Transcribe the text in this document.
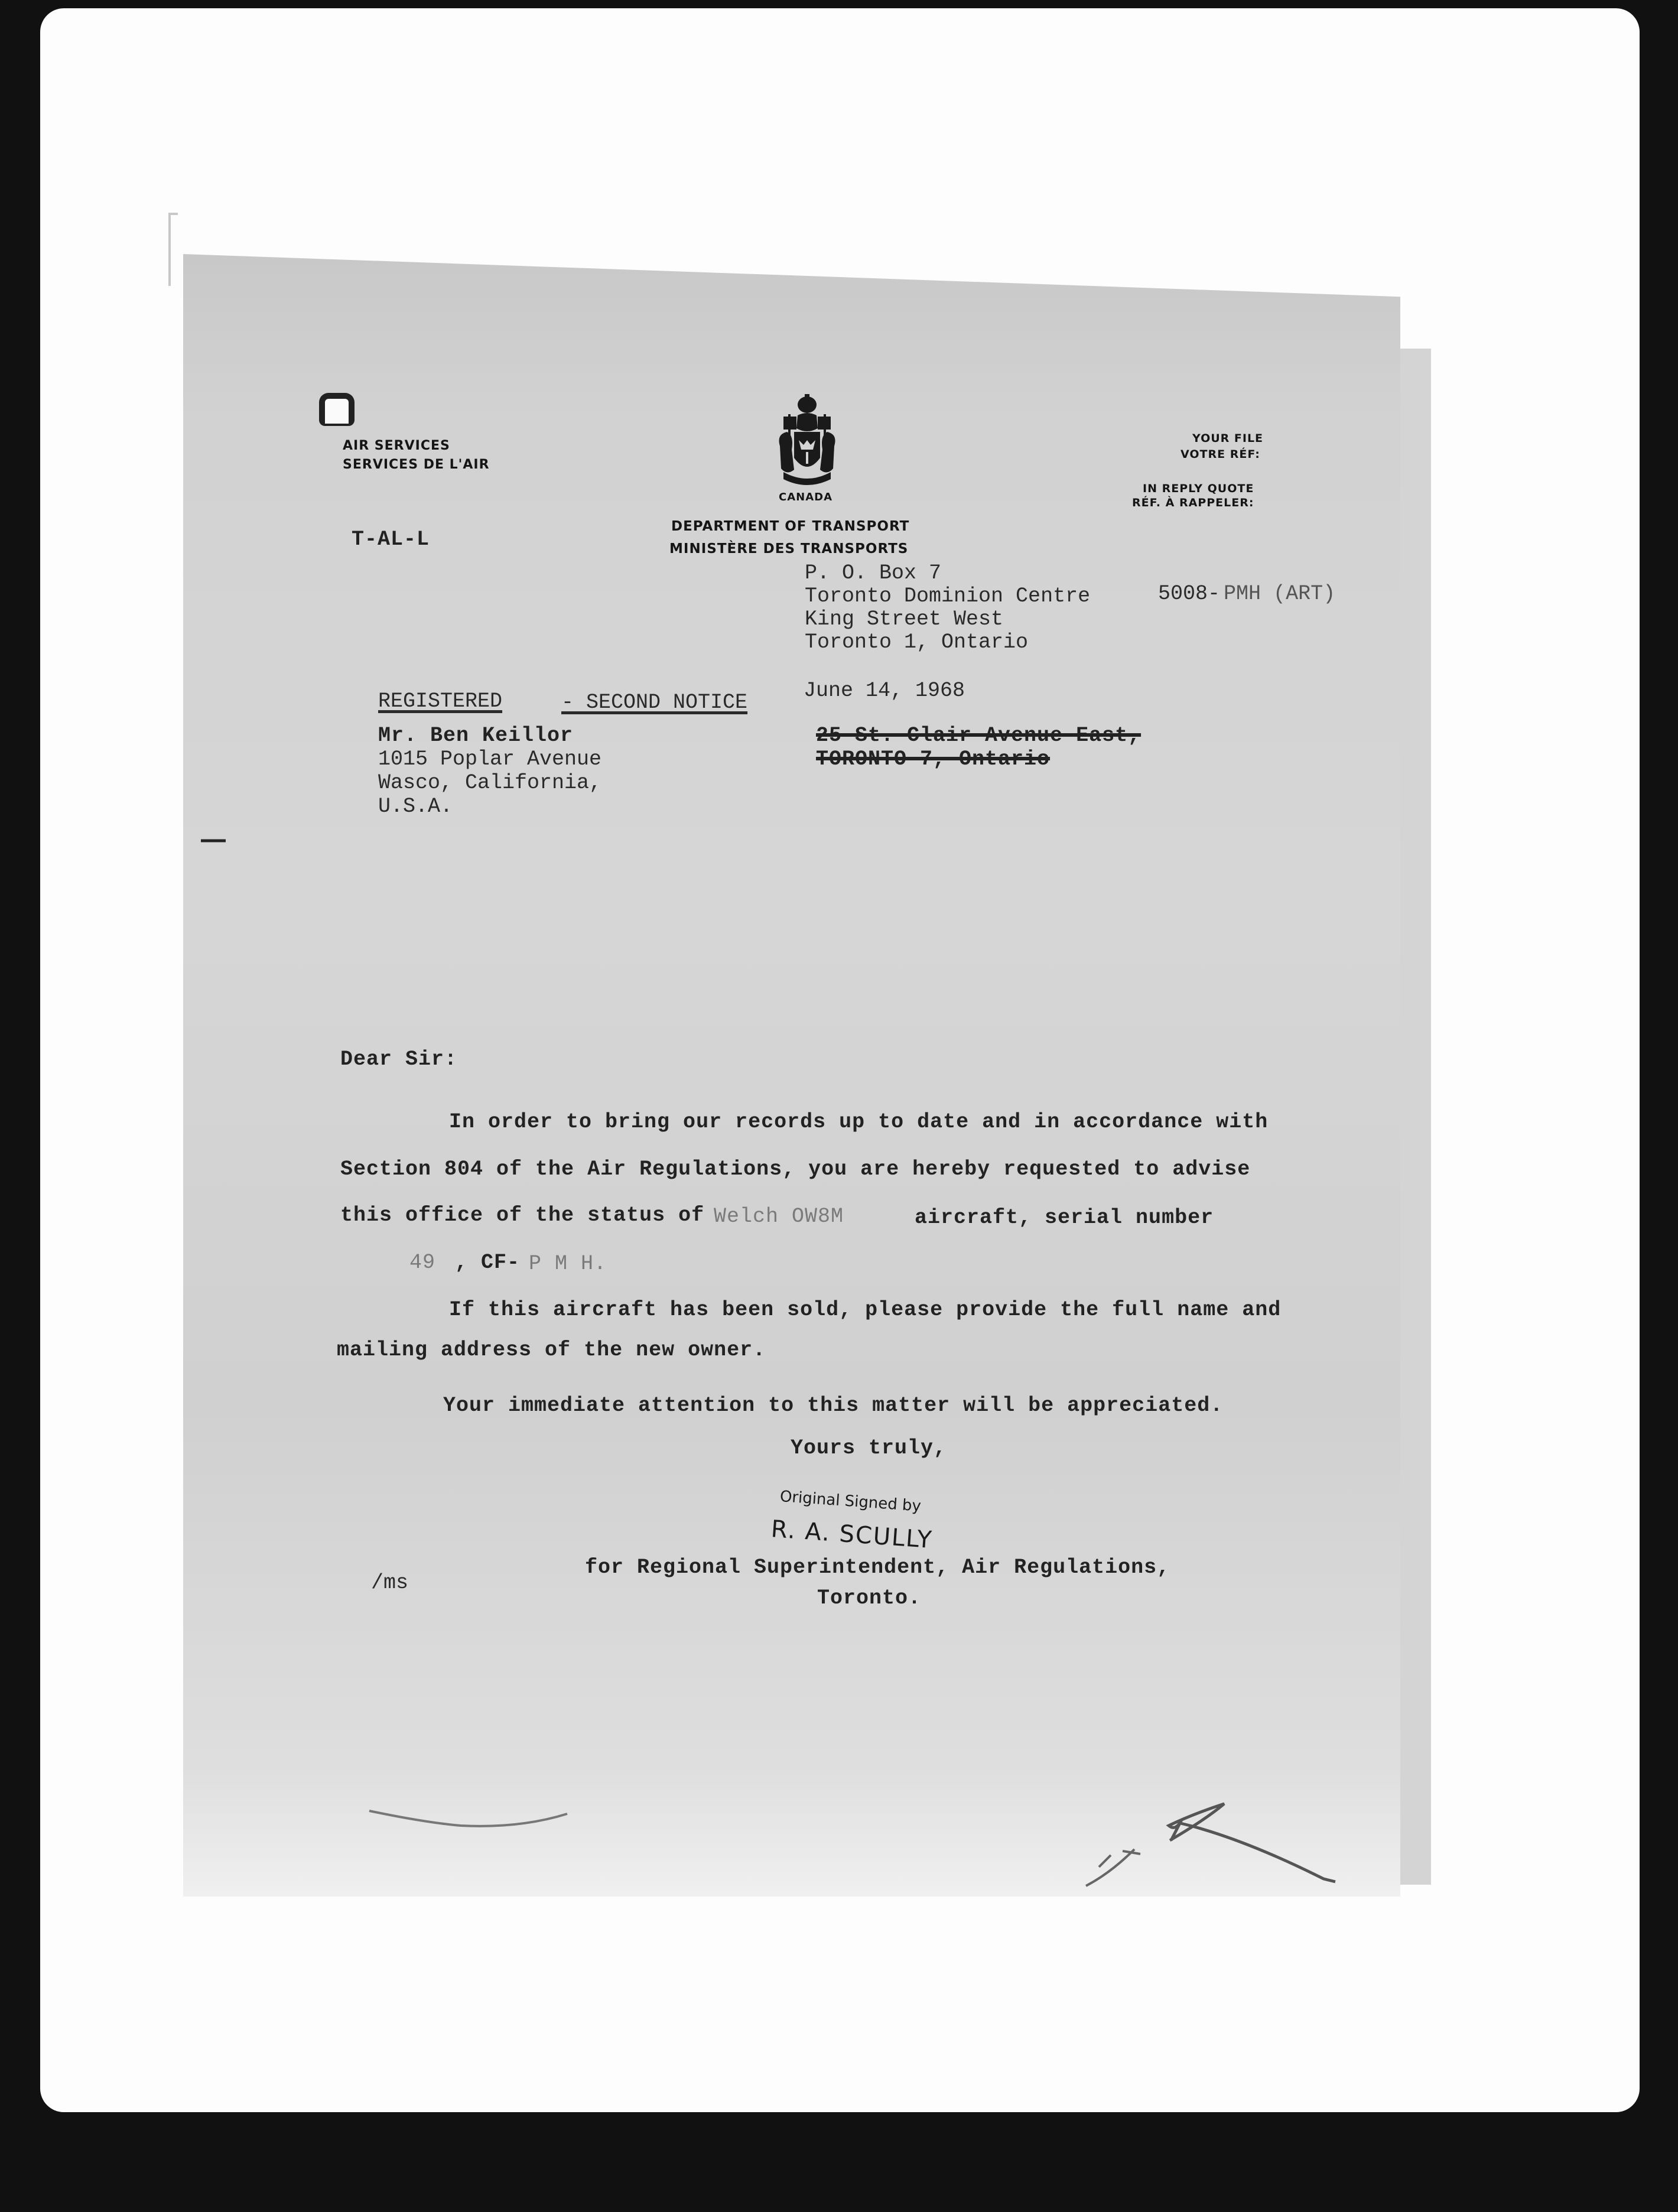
AIR SERVICES
SERVICES DE L'AIR
CANADA
DEPARTMENT OF TRANSPORT
MINISTÈRE DES TRANSPORTS
YOUR FILE
VOTRE RÉF:
IN REPLY QUOTE
RÉF. À RAPPELER:

5008- PMH (ART)

T-AL-L
P. O. Box 7
Toronto Dominion Centre
King Street West
Toronto 1, Ontario
June 14, 1968
REGISTERED	- SECOND NOTICE
25 St. Clair Avenue East,
TORONTO 7, Ontario
Mr. Ben Keillor
1015 Poplar Avenue
Wasco, California,
U.S.A.
Dear Sir:
In order to bring our records up to date and in accordance with
Section 804 of the Air Regulations, you are hereby requested to advise
this office of the status of Welch OW8M	aircraft, serial number
49 , CF- P M H.
If this aircraft has been sold, please provide the full name and
mailing address of the new owner.
Your immediate attention to this matter will be appreciated.
Yours truly,
Original Signed by
R. A. SCULLY
for Regional Superintendent, Air Regulations,
Toronto.
/ms
